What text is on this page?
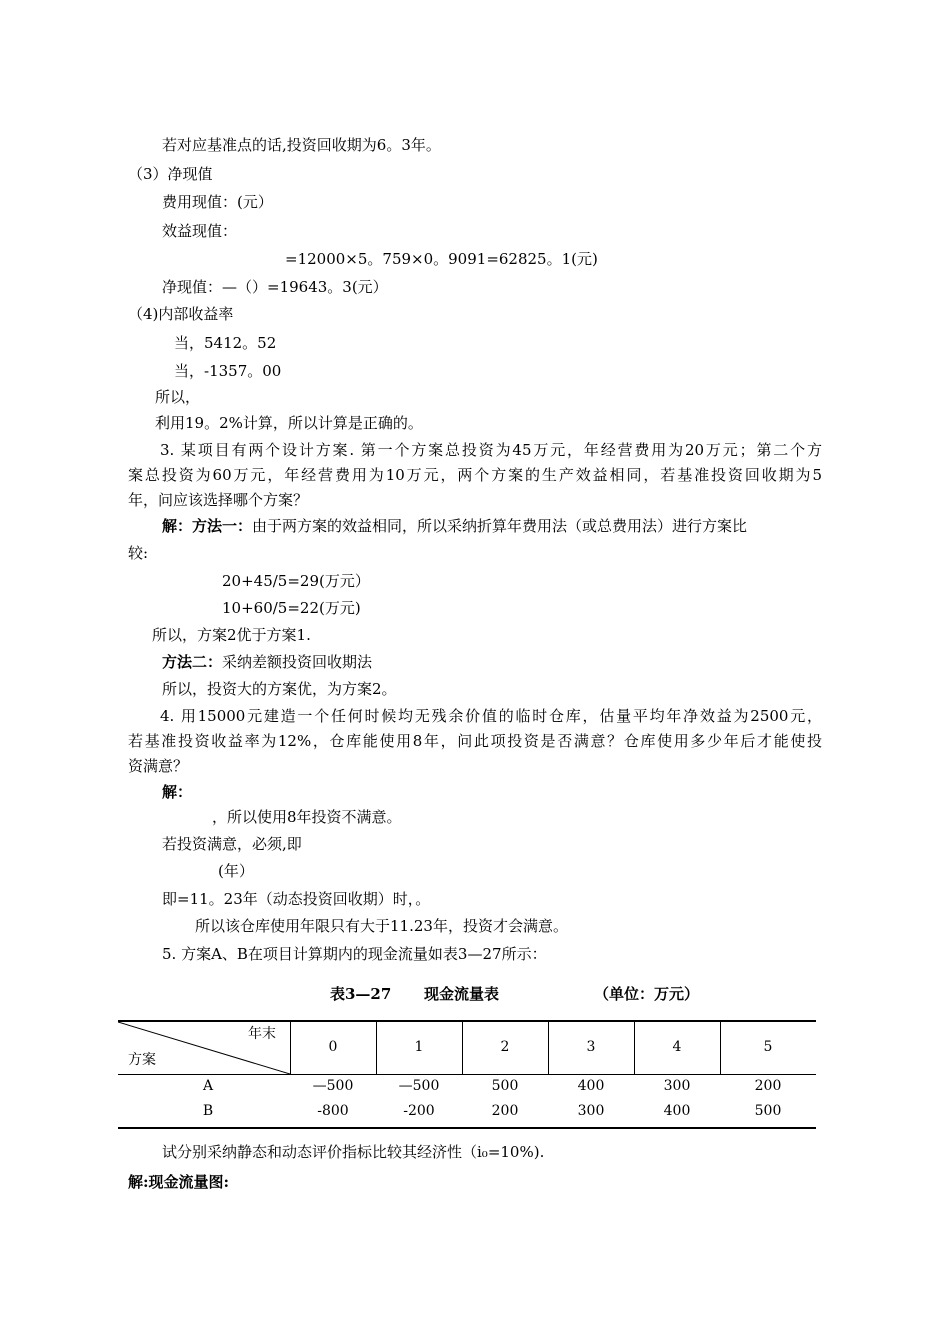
若对应基准点的话,投资回收期为6。3年。
（3）净现值
费用现值：(元）
效益现值：
=12000×5。759×0。9091=62825。1(元)
净现值：—（）=19643。3(元）
（4)内部收益率
当，5412。52
当，-1357。00
所以，
利用19。2%计算，所以计算是正确的。
3. 某项目有两个设计方案. 第一个方案总投资为45万元，年经营费用为20万元；第二个方
案总投资为60万元，年经营费用为10万元，两个方案的生产效益相同，若基准投资回收期为5
年，问应该选择哪个方案？
解：方法一：由于两方案的效益相同，所以采纳折算年费用法（或总费用法）进行方案比
较:
20+45/5=29(万元）
10+60/5=22(万元)
所以，方案2优于方案1.
方法二：采纳差额投资回收期法
所以，投资大的方案优，为方案2。
4. 用15000元建造一个任何时候均无残余价值的临时仓库，估量平均年净效益为2500元，
若基准投资收益率为12%，仓库能使用8年，问此项投资是否满意？仓库使用多少年后才能使投
资满意？
解：
，所以使用8年投资不满意。
若投资满意，必须,即
(年）
即=11。23年（动态投资回收期）时，。
所以该仓库使用年限只有大于11.23年，投资才会满意。
5. 方案A、B在项目计算期内的现金流量如表3—27所示：
表3—27 现金流量表	（单位：万元）
年末
方案
0	1	2	3	4	5
A	—500	—500	500	400	300	200
B	-800	-200	200	300	400	500
试分别采纳静态和动态评价指标比较其经济性（i₀=10%).
解:现金流量图:
